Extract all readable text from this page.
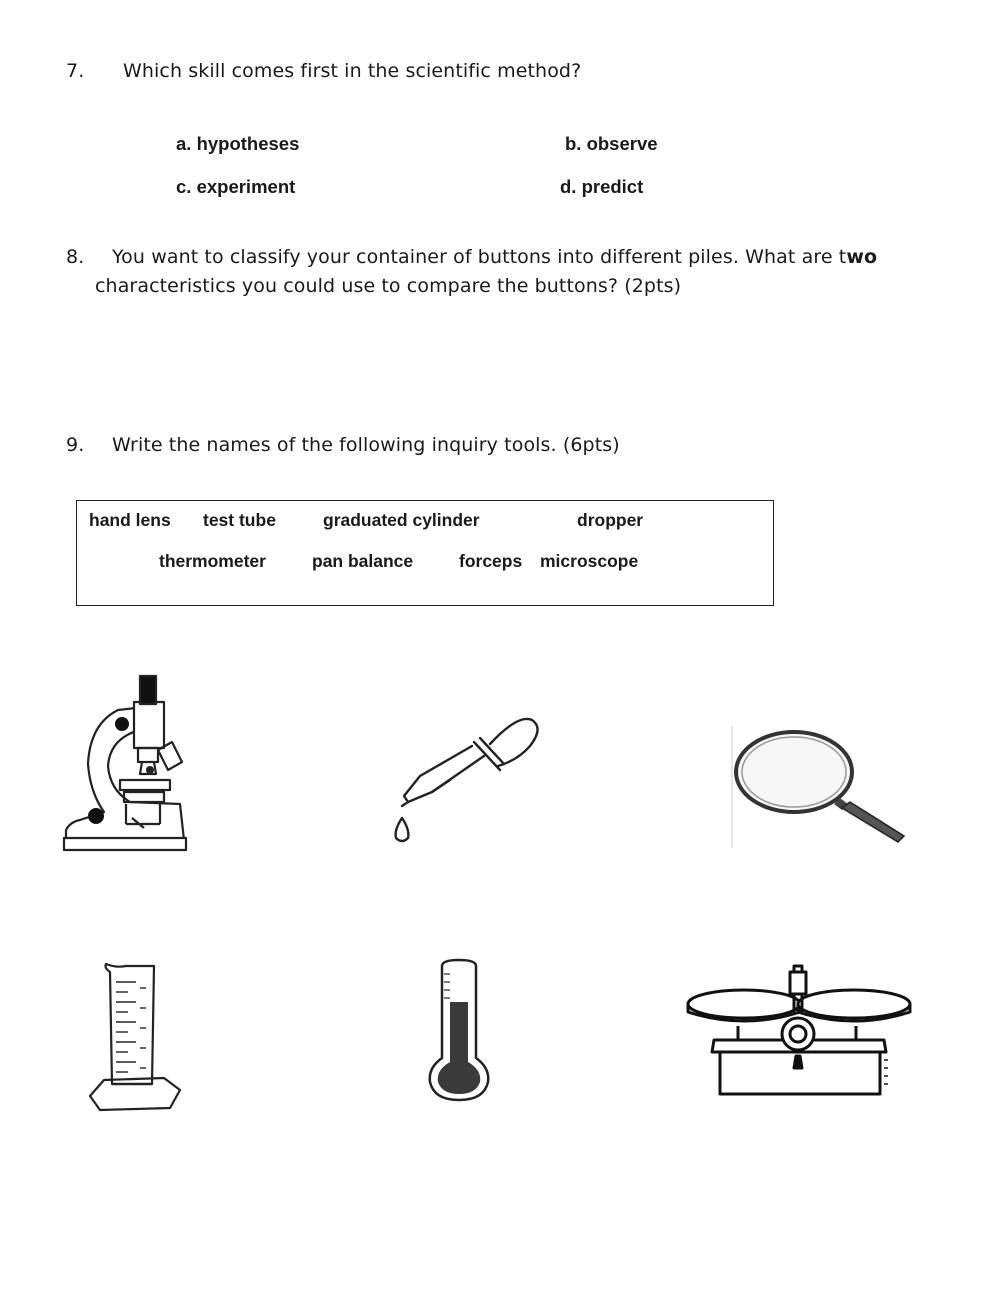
7. Which skill comes first in the scientific method?
a. hypotheses	b. observe
c. experiment	d. predict
8. You want to classify your container of buttons into different piles. What are two
characteristics you could use to compare the buttons? (2pts)
9. Write the names of the following inquiry tools. (6pts)
hand lens test tube	graduated cylinder	dropper
thermometer	pan balance	forceps microscope
